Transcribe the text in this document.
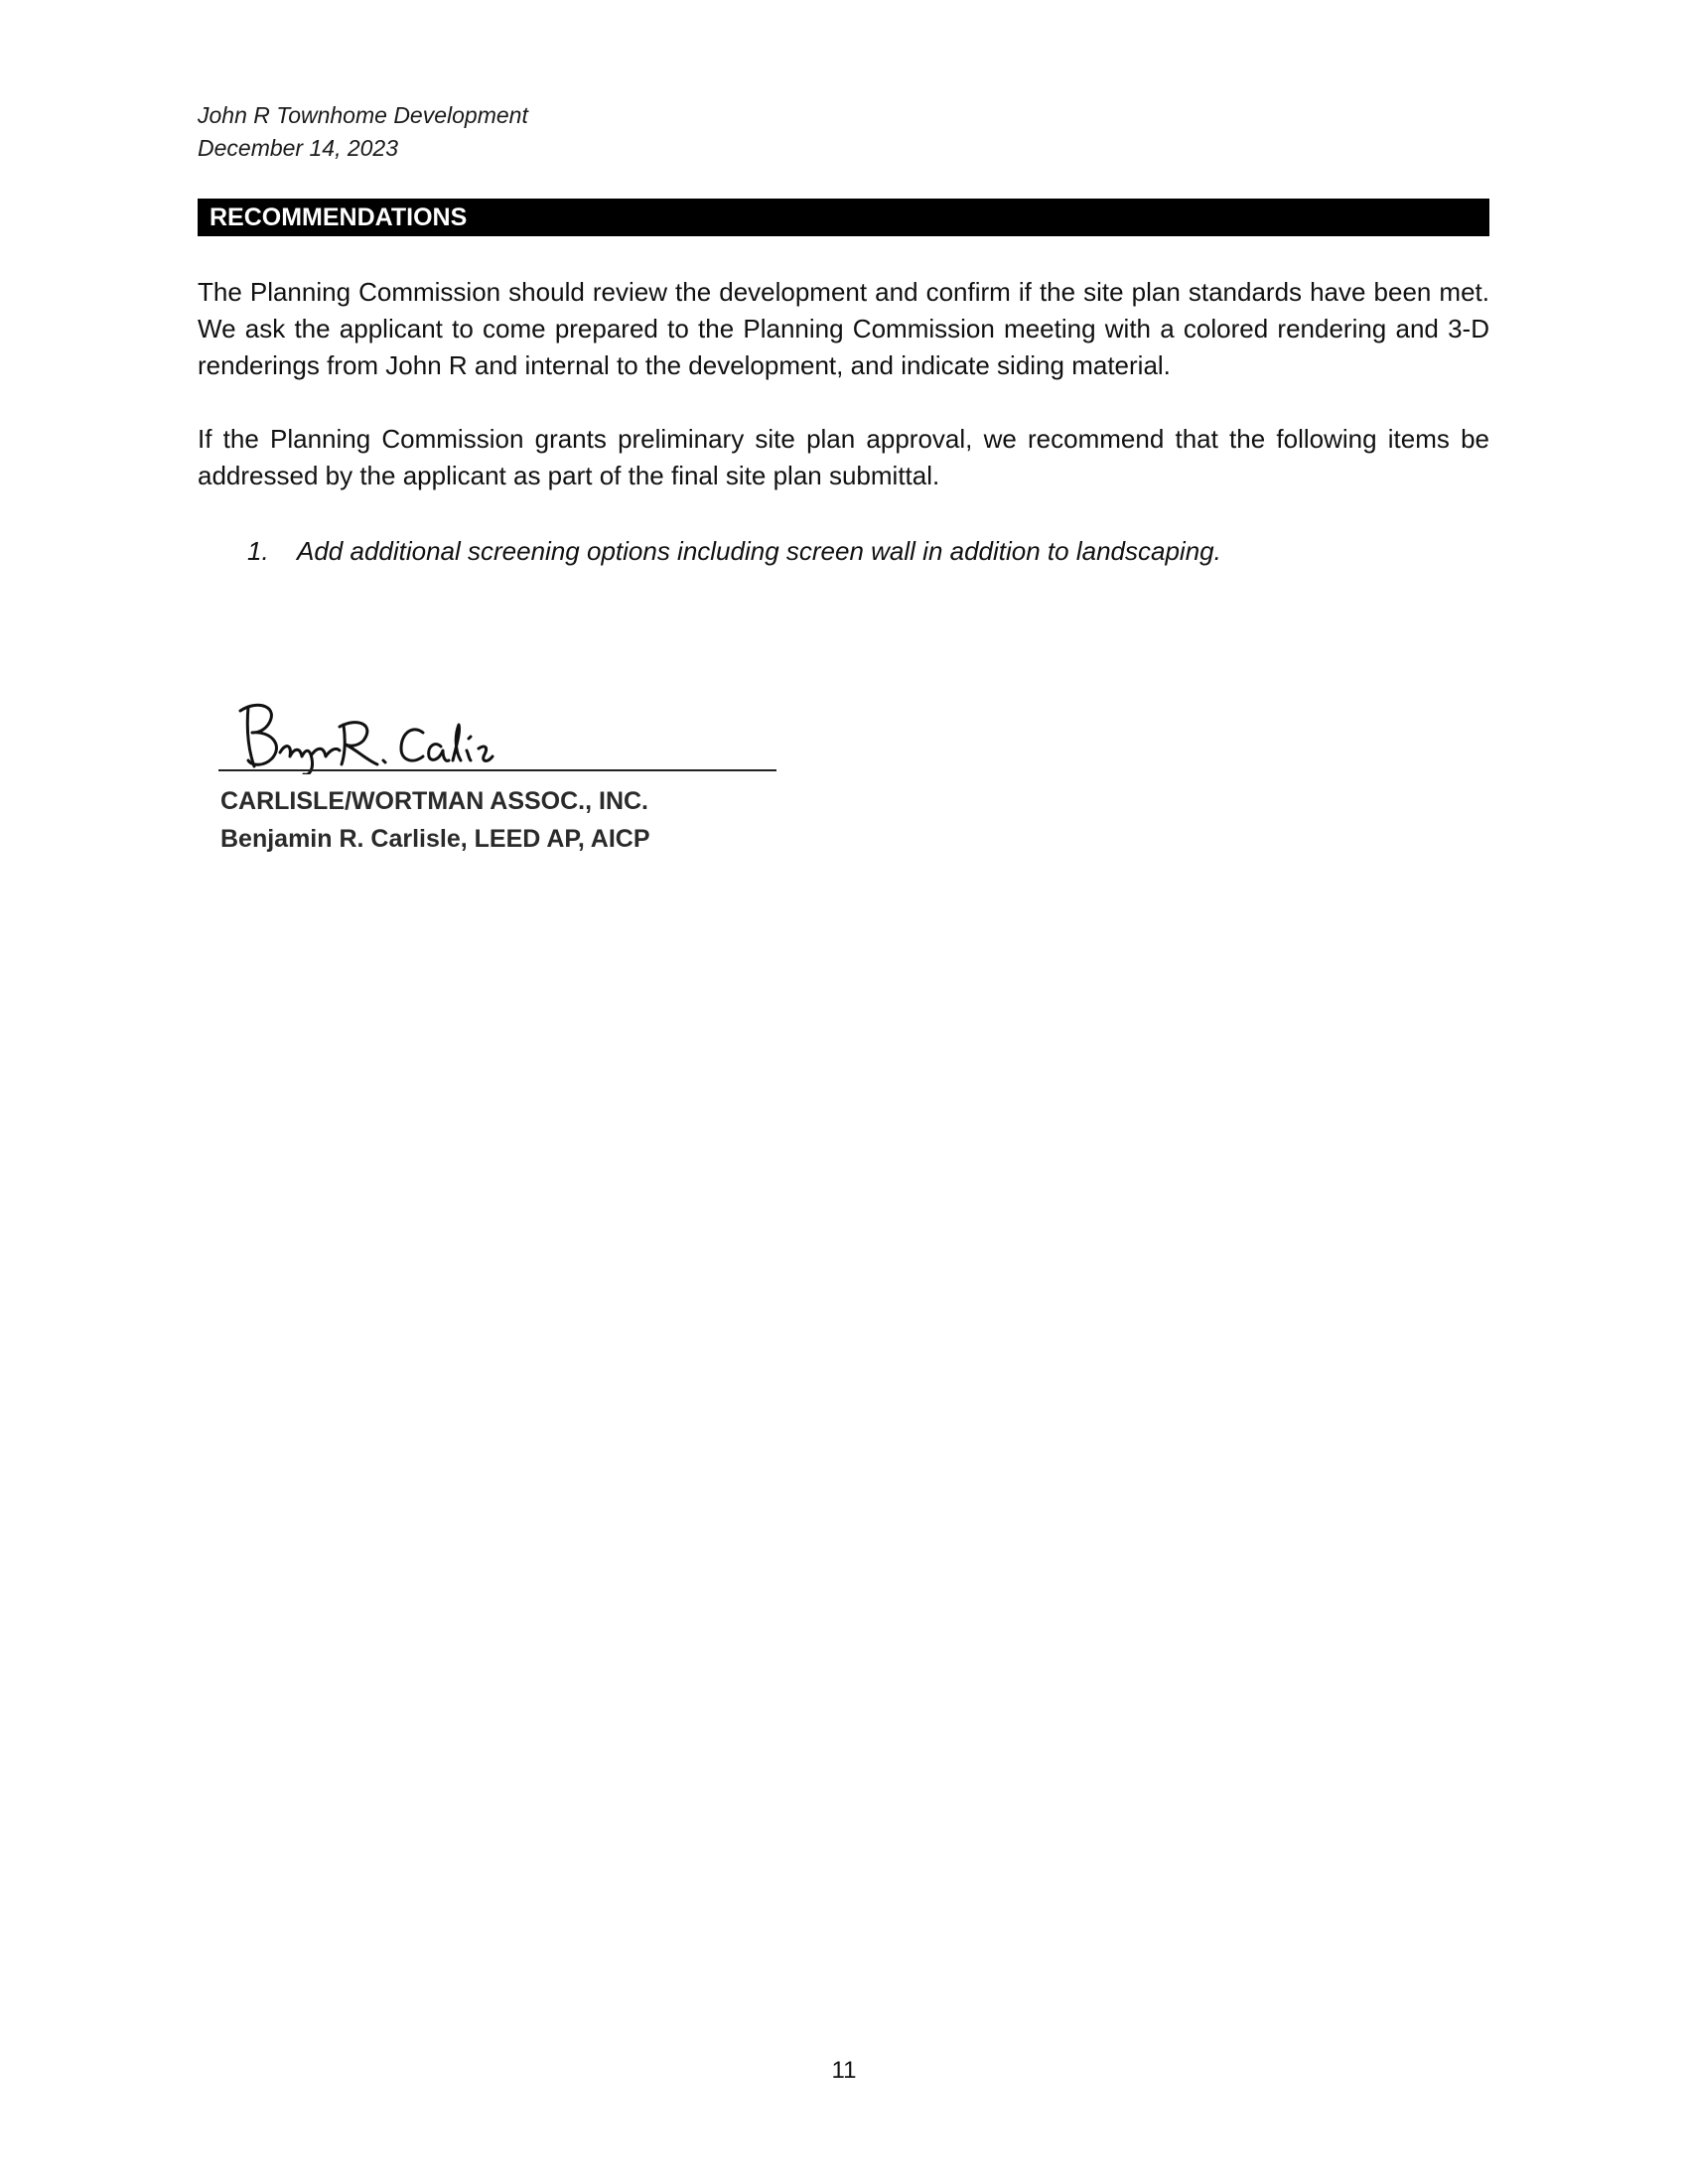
John R Townhome Development
December 14, 2023
RECOMMENDATIONS
The Planning Commission should review the development and confirm if the site plan standards have been met. We ask the applicant to come prepared to the Planning Commission meeting with a colored rendering and 3-D renderings from John R and internal to the development, and indicate siding material.
If the Planning Commission grants preliminary site plan approval, we recommend that the following items be addressed by the applicant as part of the final site plan submittal.
1. Add additional screening options including screen wall in addition to landscaping.
CARLISLE/WORTMAN ASSOC., INC.
Benjamin R. Carlisle, LEED AP, AICP
11
